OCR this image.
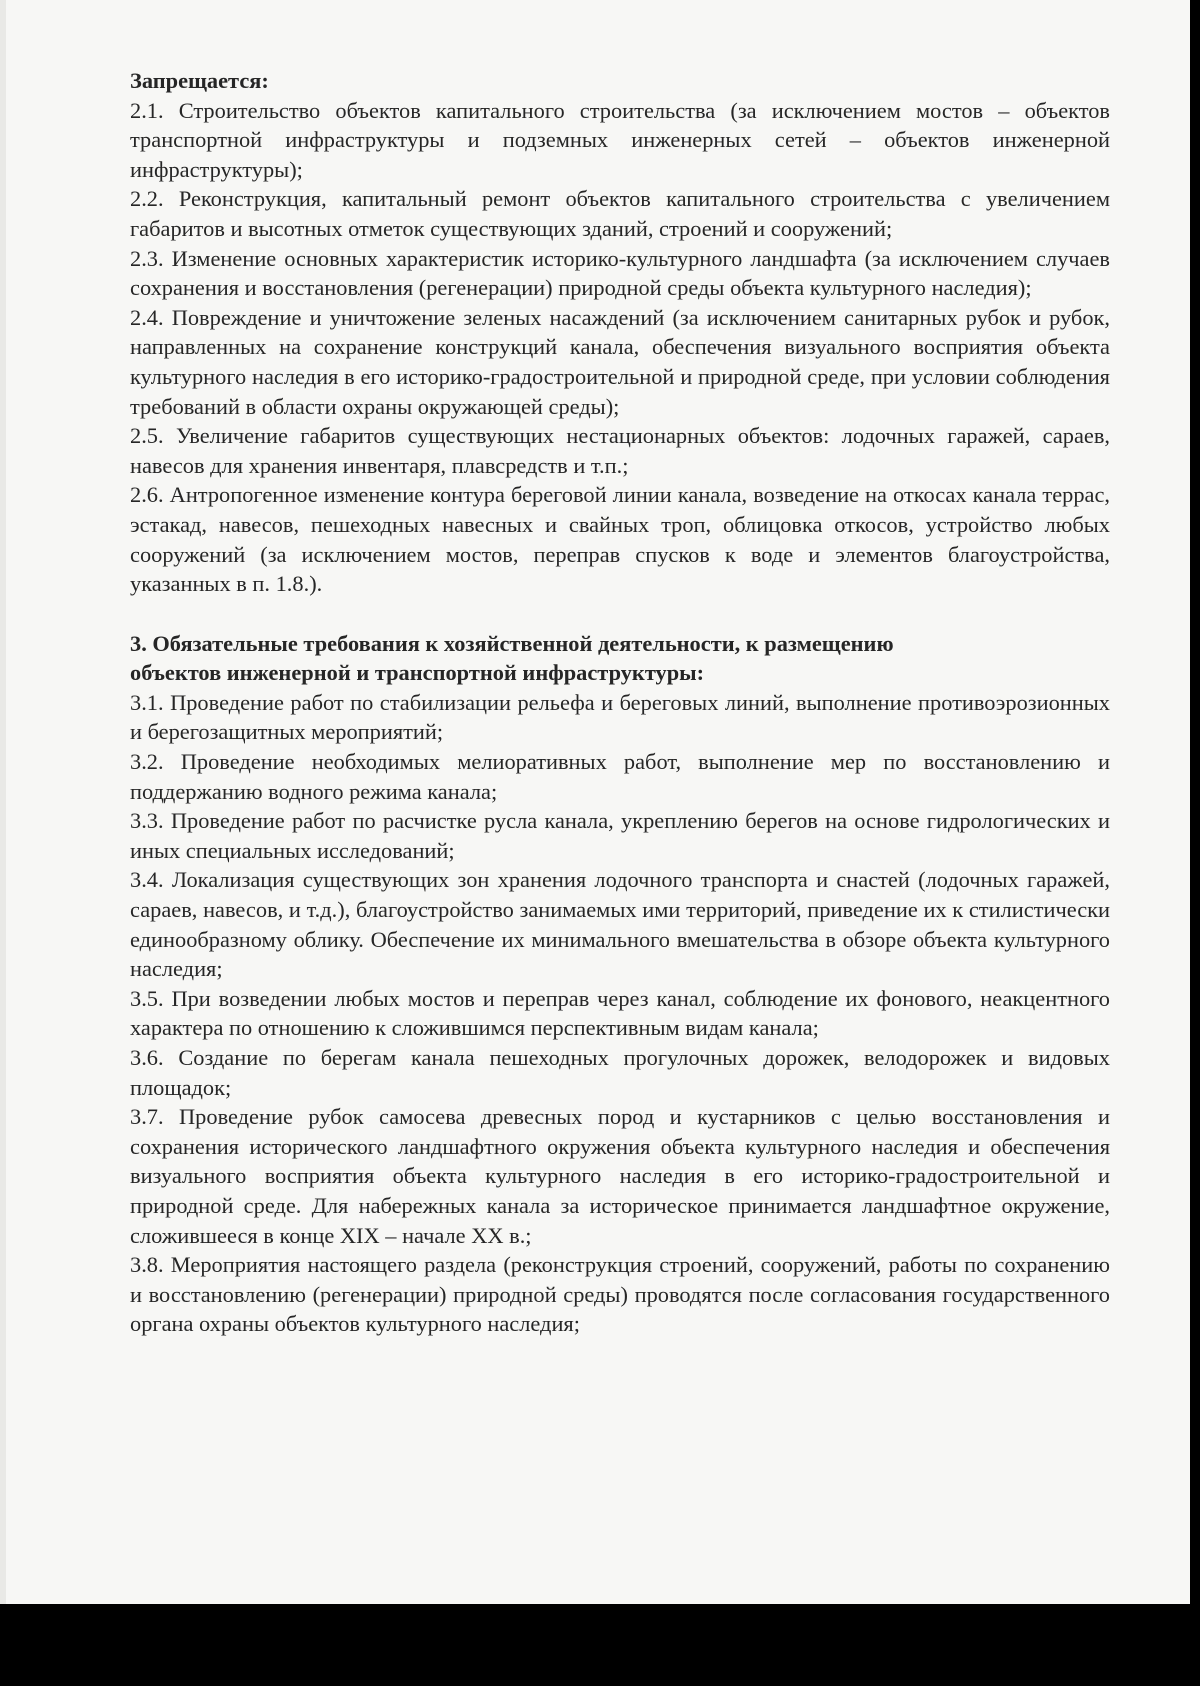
Запрещается:

2.1. Строительство объектов капитального строительства (за исключением мостов – объектов транспортной инфраструктуры и подземных инженерных сетей – объектов инженерной инфраструктуры);

2.2. Реконструкция, капитальный ремонт объектов капитального строительства с увеличением габаритов и высотных отметок существующих зданий, строений и сооружений;

2.3. Изменение основных характеристик историко-культурного ландшафта (за исключением случаев сохранения и восстановления (регенерации) природной среды объекта культурного наследия);

2.4. Повреждение и уничтожение зеленых насаждений (за исключением санитарных рубок и рубок, направленных на сохранение конструкций канала, обеспечения визуального восприятия объекта культурного наследия в его историко-градостроительной и природной среде, при условии соблюдения требований в области охраны окружающей среды);

2.5. Увеличение габаритов существующих нестационарных объектов: лодочных гаражей, сараев, навесов для хранения инвентаря, плавсредств и т.п.;

2.6. Антропогенное изменение контура береговой линии канала, возведение на откосах канала террас, эстакад, навесов, пешеходных навесных и свайных троп, облицовка откосов, устройство любых сооружений (за исключением мостов, переправ спусков к воде и элементов благоустройства, указанных в п. 1.8.).

3. Обязательные требования к хозяйственной деятельности, к размещению
объектов инженерной и транспортной инфраструктуры:

3.1. Проведение работ по стабилизации рельефа и береговых линий, выполнение противоэрозионных и берегозащитных мероприятий;

3.2. Проведение необходимых мелиоративных работ, выполнение мер по восстановлению и поддержанию водного режима канала;

3.3. Проведение работ по расчистке русла канала, укреплению берегов на основе гидрологических и иных специальных исследований;

3.4. Локализация существующих зон хранения лодочного транспорта и снастей (лодочных гаражей, сараев, навесов, и т.д.), благоустройство занимаемых ими территорий, приведение их к стилистически единообразному облику. Обеспечение их минимального вмешательства в обзоре объекта культурного наследия;

3.5. При возведении любых мостов и переправ через канал, соблюдение их фонового, неакцентного характера по отношению к сложившимся перспективным видам канала;

3.6. Создание по берегам канала пешеходных прогулочных дорожек, велодорожек и видовых площадок;

3.7. Проведение рубок самосева древесных пород и кустарников с целью восстановления и сохранения исторического ландшафтного окружения объекта культурного наследия и обеспечения визуального восприятия объекта культурного наследия в его историко-градостроительной и природной среде. Для набережных канала за историческое принимается ландшафтное окружение, сложившееся в конце XIX – начале XX в.;

3.8. Мероприятия настоящего раздела (реконструкция строений, сооружений, работы по сохранению и восстановлению (регенерации) природной среды) проводятся после согласования государственного органа охраны объектов культурного наследия;
